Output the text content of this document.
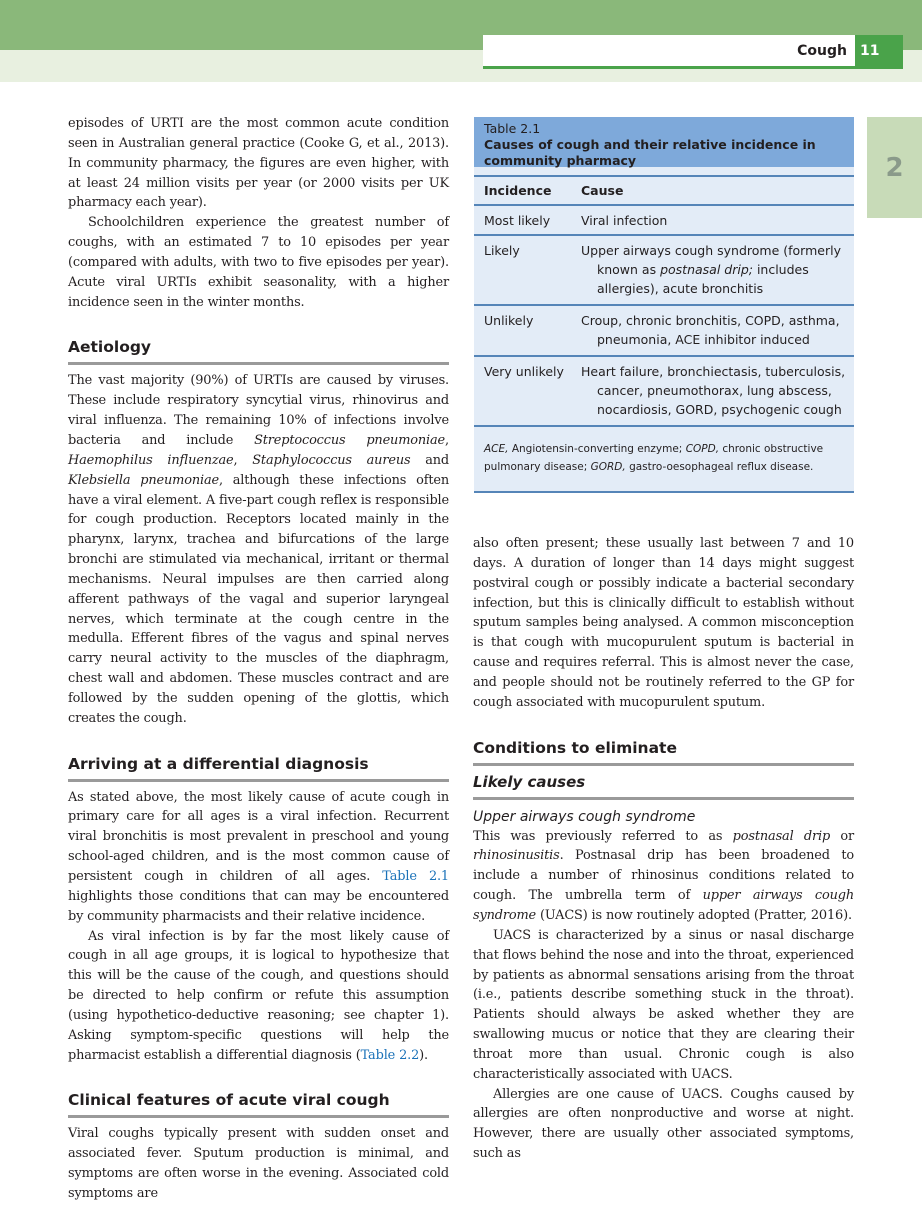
Cough 11
2

episodes of URTI are the most common acute condition seen in Australian general practice (Cooke G, et al., 2013). In community pharmacy, the figures are even higher, with at least 24 million visits per year (or 2000 visits per UK pharmacy each year).

Schoolchildren experience the greatest number of coughs, with an estimated 7 to 10 episodes per year (compared with adults, with two to five episodes per year). Acute viral URTIs exhibit seasonality, with a higher incidence seen in the winter months.

Aetiology

The vast majority (90%) of URTIs are caused by viruses. These include respiratory syncytial virus, rhinovirus and viral influenza. The remaining 10% of infections involve bacteria and include Streptococcus pneumoniae, Haemophilus influenzae, Staphylococcus aureus and Klebsiella pneumoniae, although these infections often have a viral element. A five-part cough reflex is responsible for cough production. Receptors located mainly in the pharynx, larynx, trachea and bifurcations of the large bronchi are stimulated via mechanical, irritant or thermal mechanisms. Neural impulses are then carried along afferent pathways of the vagal and superior laryngeal nerves, which terminate at the cough centre in the medulla. Efferent fibres of the vagus and spinal nerves carry neural activity to the muscles of the diaphragm, chest wall and abdomen. These muscles contract and are followed by the sudden opening of the glottis, which creates the cough.

Arriving at a differential diagnosis

As stated above, the most likely cause of acute cough in primary care for all ages is a viral infection. Recurrent viral bronchitis is most prevalent in preschool and young school-aged children, and is the most common cause of persistent cough in children of all ages. Table 2.1 highlights those conditions that can may be encountered by community pharmacists and their relative incidence.

As viral infection is by far the most likely cause of cough in all age groups, it is logical to hypothesize that this will be the cause of the cough, and questions should be directed to help confirm or refute this assumption (using hypothetico-deductive reasoning; see chapter 1). Asking symptom-specific questions will help the pharmacist establish a differential diagnosis (Table 2.2).

Clinical features of acute viral cough

Viral coughs typically present with sudden onset and associated fever. Sputum production is minimal, and symptoms are often worse in the evening. Associated cold symptoms are

Table 2.1
Causes of cough and their relative incidence in community pharmacy
Incidence	Cause
Most likely	Viral infection
Likely	Upper airways cough syndrome (formerly known as postnasal drip; includes allergies), acute bronchitis
Unlikely	Croup, chronic bronchitis, COPD, asthma, pneumonia, ACE inhibitor induced
Very unlikely	Heart failure, bronchiectasis, tuberculosis, cancer, pneumothorax, lung abscess, nocardiosis, GORD, psychogenic cough
ACE, Angiotensin-converting enzyme; COPD, chronic obstructive pulmonary disease; GORD, gastro-oesophageal reflux disease.

also often present; these usually last between 7 and 10 days. A duration of longer than 14 days might suggest postviral cough or possibly indicate a bacterial secondary infection, but this is clinically difficult to establish without sputum samples being analysed. A common misconception is that cough with mucopurulent sputum is bacterial in cause and requires referral. This is almost never the case, and people should not be routinely referred to the GP for cough associated with mucopurulent sputum.

Conditions to eliminate
Likely causes
Upper airways cough syndrome

This was previously referred to as postnasal drip or rhinosinusitis. Postnasal drip has been broadened to include a number of rhinosinus conditions related to cough. The umbrella term of upper airways cough syndrome (UACS) is now routinely adopted (Pratter, 2016).

UACS is characterized by a sinus or nasal discharge that flows behind the nose and into the throat, experienced by patients as abnormal sensations arising from the throat (i.e., patients describe something stuck in the throat). Patients should always be asked whether they are swallowing mucus or notice that they are clearing their throat more than usual. Chronic cough is also characteristically associated with UACS.

Allergies are one cause of UACS. Coughs caused by allergies are often nonproductive and worse at night. However, there are usually other associated symptoms, such as
